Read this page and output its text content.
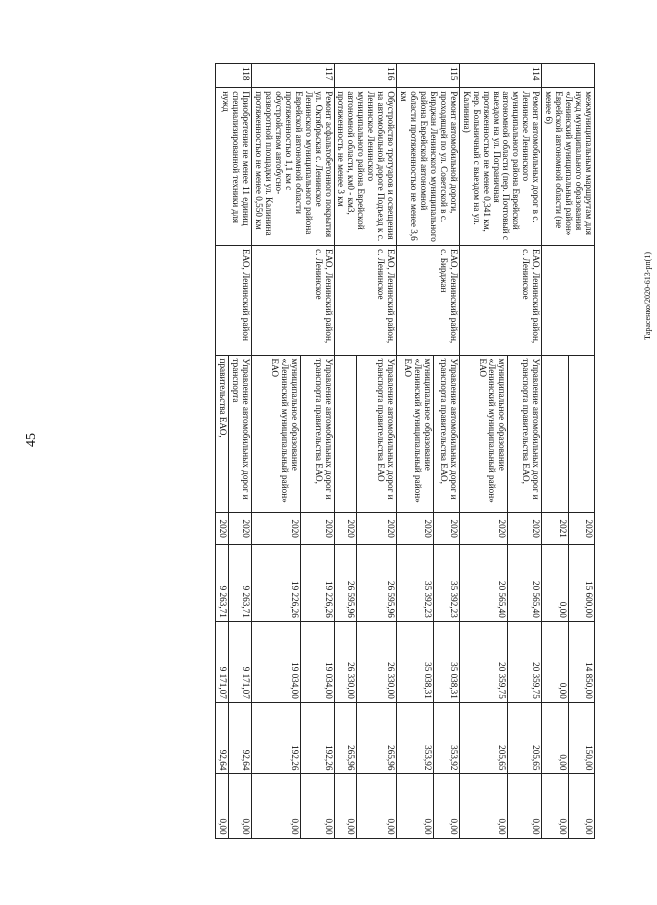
45
Тарасенко/2020-613-рп(1)
	межмуниципальным маршрутам для нужд муниципального образования «Ленинский муниципальный район» Еврейской автономной области (не менее 6)			2020	15 600,00	14 850,00	150,00	0,00
				2021	0,00	0,00	0,00	0,00
114	Ремонт автомобильных дорог в с. Ленинское Ленинского муниципального района Еврейской автономной области (пер. Почтовый с выездом на ул. Пограничная протяженностью не менее 0,341 км, пер. Больничный с выездом на ул. Калинина)	ЕАО, Ленинский район, с. Ленинское	Управление автомобильных дорог и транспорта правительства ЕАО,	2020	20 565,40	20 359,75	205,65	0,00
			муниципальное образование «Ленинский муниципальный район» ЕАО	2020	20 565,40	20 359,75	205,65	0,00
115	Ремонт автомобильной дороги, проходящей по ул. Советской в с. Бирджан Ленинского муниципального района Еврейской автономной области протяженностью не менее 3,6 км	ЕАО, Ленинский район, с. Бирджан	Управление автомобильных дорог и транспорта правительства ЕАО,	2020	35 392,23	35 038,31	353,92	0,00
			муниципальное образование «Ленинский муниципальный район» ЕАО	2020	35 392,23	35 038,31	353,92	0,00
116	Обустройство тротуаров и освещения на автомобильной дороге Подъезд к с. Ленинское Ленинского муниципального района Еврейской автономной области, км0 - км3, протяженность не менее 3 км	ЕАО, Ленинский район, с. Ленинское	Управление автомобильных дорог и транспорта правительства ЕАО	2020	26 595,96	26 330,00	265,96	0,00
				2020	26 595,96	26 330,00	265,96	0,00
117	Ремонт асфальтобетонного покрытия ул. Октябрьская с. Ленинское Ленинского муниципального района Еврейской автономной области протяженностью 1,1 км с обустройством автобусно-разворотной площадки ул. Калинина протяженностью не менее 0,550 км	ЕАО, Ленинский район, с. Ленинское	Управление автомобильных дорог и транспорта правительства ЕАО,	2020	19 226,26	19 034,00	192,26	0,00
			муниципальное образование «Ленинский муниципальный район» ЕАО	2020	19 226,26	19 034,00	192,26	0,00
118	Приобретение не менее 11 единиц специализированной техники для нужд	ЕАО, Ленинский район	Управление автомобильных дорог и транспорта	2020	9 263,71	9 171,07	92,64	0,00
			правительства ЕАО,	2020	9 263,71	9 171,07	92,64	0,00
